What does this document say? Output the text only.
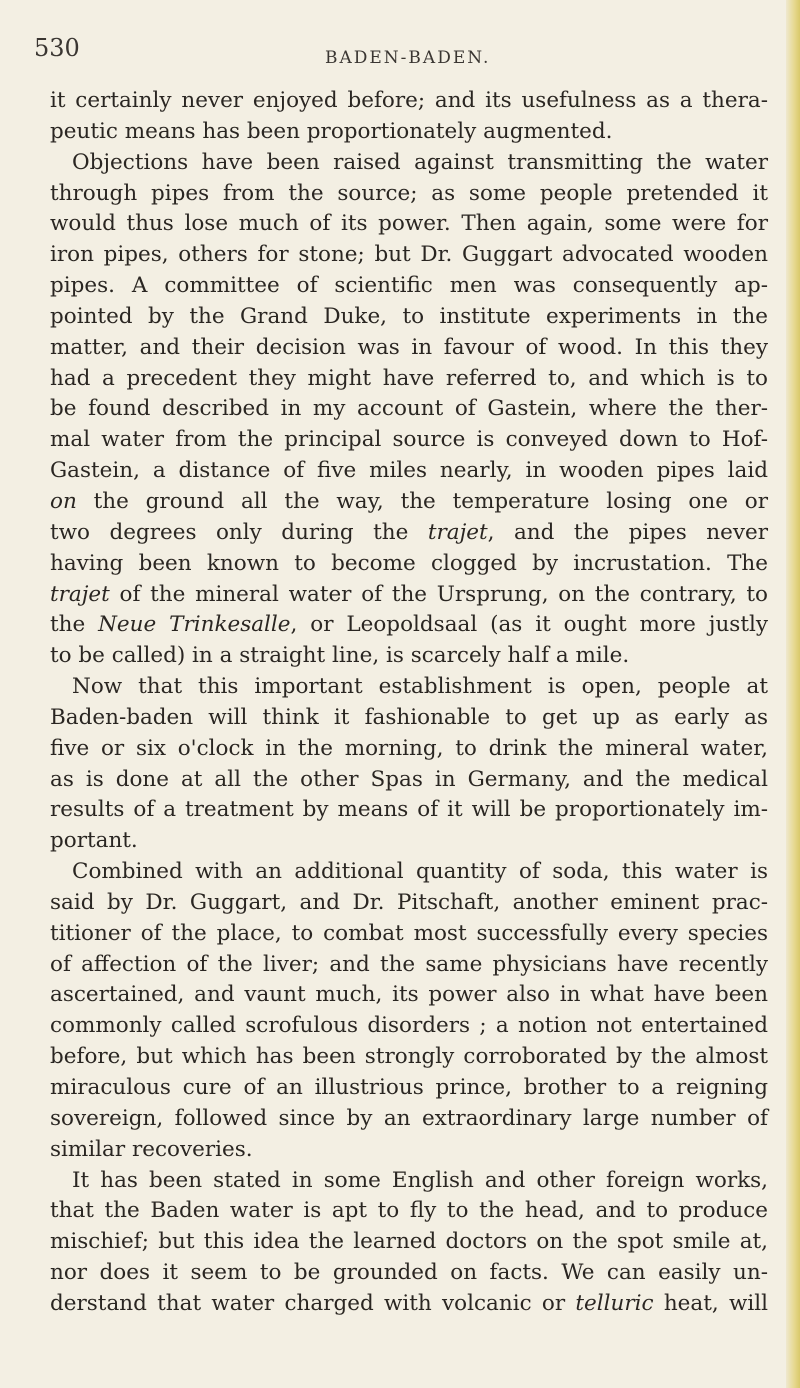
530	BADEN-BADEN.
it certainly never enjoyed before; and its usefulness as a thera-
peutic means has been proportionately augmented.
Objections have been raised against transmitting the water
through pipes from the source; as some people pretended it
would thus lose much of its power. Then again, some were for
iron pipes, others for stone; but Dr. Guggart advocated wooden
pipes. A committee of scientific men was consequently ap-
pointed by the Grand Duke, to institute experiments in the
matter, and their decision was in favour of wood. In this they
had a precedent they might have referred to, and which is to
be found described in my account of Gastein, where the ther-
mal water from the principal source is conveyed down to Hof-
Gastein, a distance of five miles nearly, in wooden pipes laid
on the ground all the way, the temperature losing one or
two degrees only during the trajet, and the pipes never
having been known to become clogged by incrustation. The
trajet of the mineral water of the Ursprung, on the contrary, to
the Neue Trinkesalle, or Leopoldsaal (as it ought more justly
to be called) in a straight line, is scarcely half a mile.
Now that this important establishment is open, people at
Baden-baden will think it fashionable to get up as early as
five or six o'clock in the morning, to drink the mineral water,
as is done at all the other Spas in Germany, and the medical
results of a treatment by means of it will be proportionately im-
portant.
Combined with an additional quantity of soda, this water is
said by Dr. Guggart, and Dr. Pitschaft, another eminent prac-
titioner of the place, to combat most successfully every species
of affection of the liver; and the same physicians have recently
ascertained, and vaunt much, its power also in what have been
commonly called scrofulous disorders ; a notion not entertained
before, but which has been strongly corroborated by the almost
miraculous cure of an illustrious prince, brother to a reigning
sovereign, followed since by an extraordinary large number of
similar recoveries.
It has been stated in some English and other foreign works,
that the Baden water is apt to fly to the head, and to produce
mischief; but this idea the learned doctors on the spot smile at,
nor does it seem to be grounded on facts. We can easily un-
derstand that water charged with volcanic or telluric heat, will
